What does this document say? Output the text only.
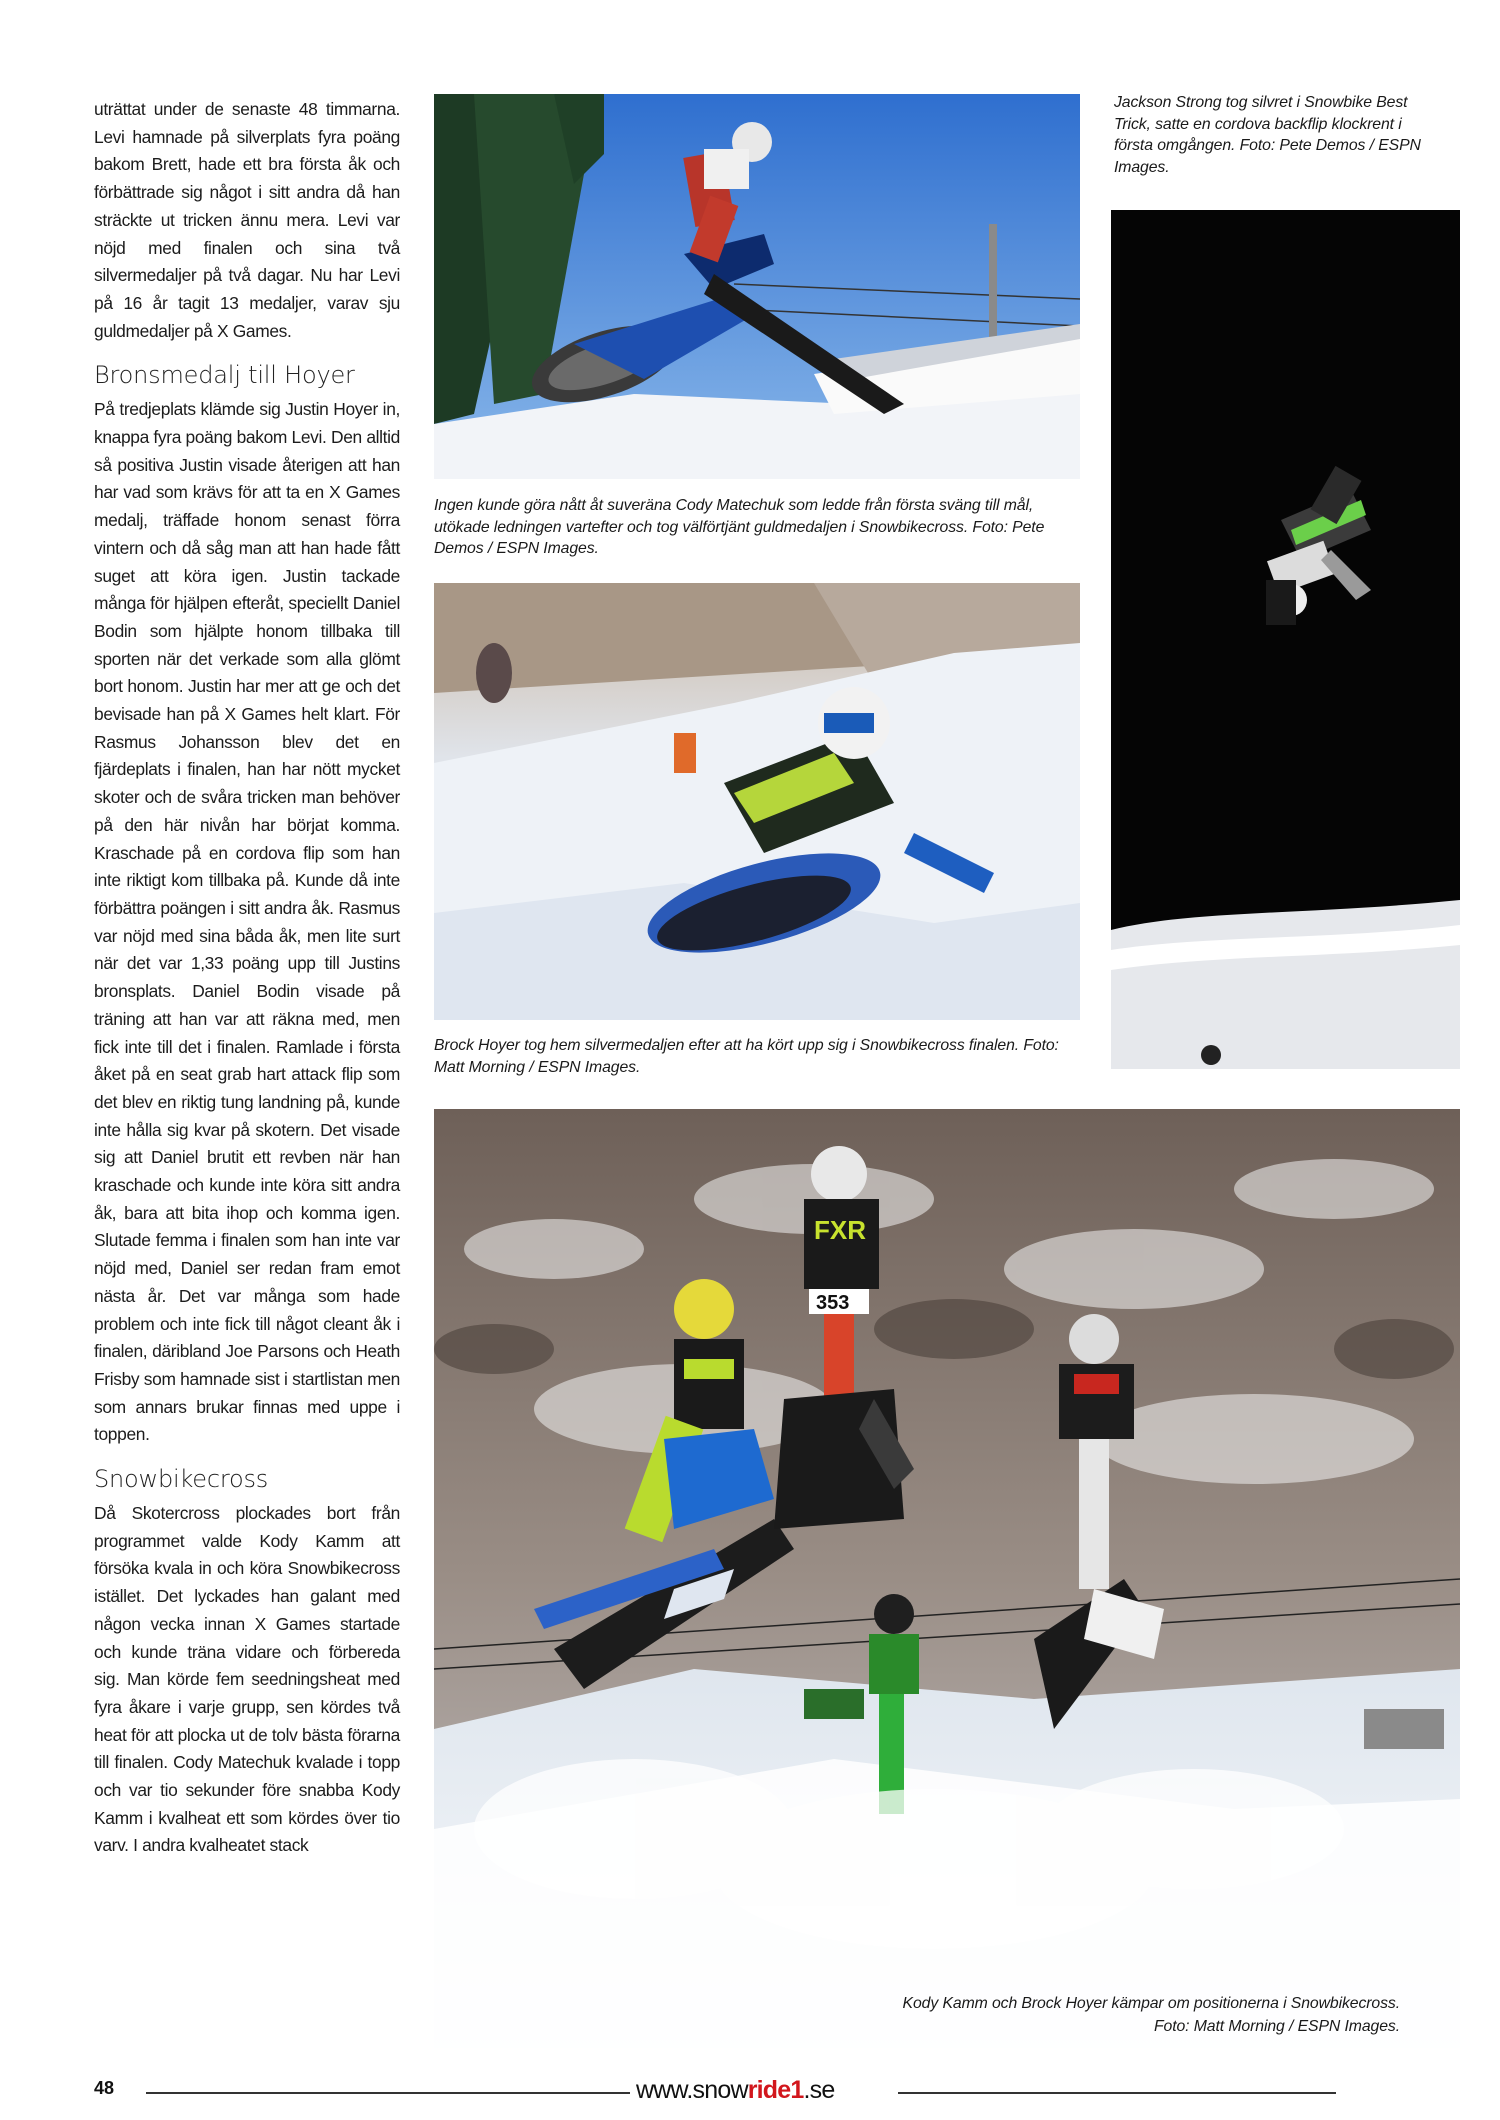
uträttat under de senaste 48 timmarna. Levi hamnade på silverplats fyra poäng bakom Brett, hade ett bra första åk och förbättrade sig något i sitt andra då han sträckte ut tricken ännu mera. Levi var nöjd med finalen och sina två silvermedaljer på två dagar. Nu har Levi på 16 år tagit 13 medaljer, varav sju guldmedaljer på X Games.

Bronsmedalj till Hoyer

På tredjeplats klämde sig Justin Hoyer in, knappa fyra poäng bakom Levi. Den alltid så positiva Justin visade återigen att han har vad som krävs för att ta en X Games medalj, träffade honom senast förra vintern och då såg man att han hade fått suget att köra igen. Justin tackade många för hjälpen efteråt, speciellt Daniel Bodin som hjälpte honom tillbaka till sporten när det verkade som alla glömt bort honom. Justin har mer att ge och det bevisade han på X Games helt klart. För Rasmus Johansson blev det en fjärdeplats i finalen, han har nött mycket skoter och de svåra tricken man behöver på den här nivån har börjat komma. Kraschade på en cordova flip som han inte riktigt kom tillbaka på. Kunde då inte förbättra poängen i sitt andra åk. Rasmus var nöjd med sina båda åk, men lite surt när det var 1,33 poäng upp till Justins bronsplats. Daniel Bodin visade på träning att han var att räkna med, men fick inte till det i finalen. Ramlade i första åket på en seat grab hart attack flip som det blev en riktig tung landning på, kunde inte hålla sig kvar på skotern. Det visade sig att Daniel brutit ett revben när han kraschade och kunde inte köra sitt andra åk, bara att bita ihop och komma igen. Slutade femma i finalen som han inte var nöjd med, Daniel ser redan fram emot nästa år. Det var många som hade problem och inte fick till något cleant åk i finalen, däribland Joe Parsons och Heath Frisby som hamnade sist i startlistan men som annars brukar finnas med uppe i toppen.

Snowbikecross

Då Skotercross plockades bort från programmet valde Kody Kamm att försöka kvala in och köra Snowbikecross istället. Det lyckades han galant med någon vecka innan X Games startade och kunde träna vidare och förbereda sig. Man körde fem seedningsheat med fyra åkare i varje grupp, sen kördes två heat för att plocka ut de tolv bästa förarna till finalen. Cody Matechuk kvalade i topp och var tio sekunder före snabba Kody Kamm i kvalheat ett som kördes över tio varv. I andra kvalheatet stack

Jackson Strong tog silvret i Snowbike Best Trick, satte en cordova backflip klockrent i första omgången. Foto: Pete Demos / ESPN Images.

Ingen kunde göra nått åt suveräna Cody Matechuk som ledde från första sväng till mål, utökade ledningen vartefter och tog välförtjänt guldmedaljen i Snowbikecross. Foto: Pete Demos / ESPN Images.

Brock Hoyer tog hem silvermedaljen efter att ha kört upp sig i Snowbikecross finalen. Foto: Matt Morning / ESPN Images.

FXR
353

Kody Kamm och Brock Hoyer kämpar om positionerna i Snowbikecross.

Foto: Matt Morning / ESPN Images.

48	www.snowride1.se
